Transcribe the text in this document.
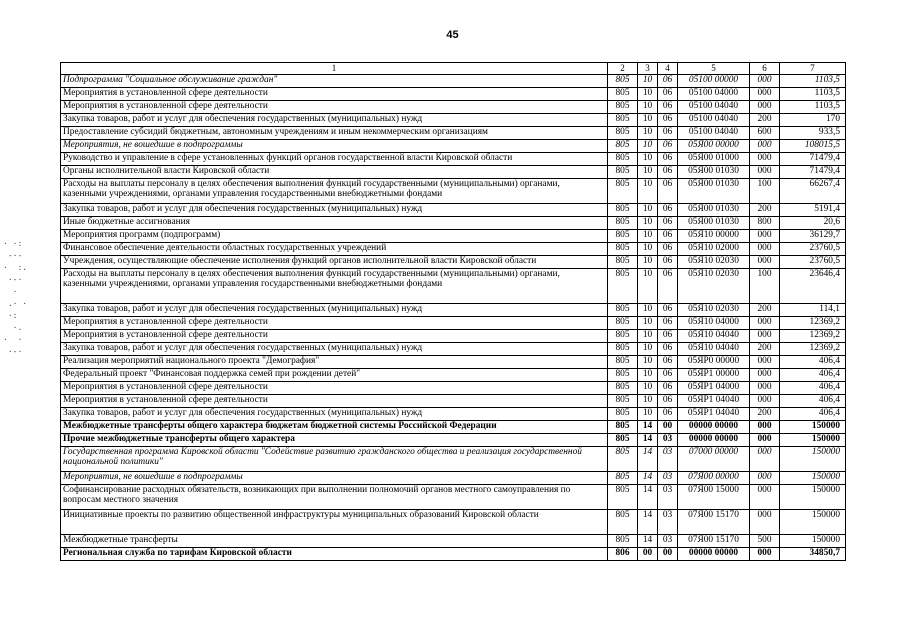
45
1	2	3	4	5	6	7
Подпрограмма "Социальное обслуживание граждан"	805	10	06	05100 00000	000	1103,5
Мероприятия в установленной сфере деятельности	805	10	06	05100 04000	000	1103,5
Мероприятия в установленной сфере деятельности	805	10	06	05100 04040	000	1103,5
Закупка товаров, работ и услуг для обеспечения государственных (муниципальных) нужд	805	10	06	05100 04040	200	170
Предоставление субсидий бюджетным, автономным учреждениям и иным некоммерческим организациям	805	10	06	05100 04040	600	933,5
Мероприятия, не вошедшие в подпрограммы	805	10	06	05Я00 00000	000	108015,5
Руководство и управление в сфере установленных функций органов государственной власти Кировской области	805	10	06	05Я00 01000	000	71479,4
Органы исполнительной власти Кировской области	805	10	06	05Я00 01030	000	71479,4
Расходы на выплаты персоналу в целях обеспечения выполнения функций государственными (муниципальными) органами, казенными учреждениями, органами управления государственными внебюджетными фондами	805	10	06	05Я00 01030	100	66267,4
Закупка товаров, работ и услуг для обеспечения государственных (муниципальных) нужд	805	10	06	05Я00 01030	200	5191,4
Иные бюджетные ассигнования	805	10	06	05Я00 01030	800	20,6
Мероприятия программ (подпрограмм)	805	10	06	05Я10 00000	000	36129,7
Финансовое обеспечение деятельности областных государственных учреждений	805	10	06	05Я10 02000	000	23760,5
Учреждения, осуществляющие обеспечение исполнения функций органов исполнительной власти Кировской области	805	10	06	05Я10 02030	000	23760,5
Расходы на выплаты персоналу в целях обеспечения выполнения функций государственными (муниципальными) органами, казенными учреждениями, органами управления государственными внебюджетными фондами	805	10	06	05Я10 02030	100	23646,4
Закупка товаров, работ и услуг для обеспечения государственных (муниципальных) нужд	805	10	06	05Я10 02030	200	114,1
Мероприятия в установленной сфере деятельности	805	10	06	05Я10 04000	000	12369,2
Мероприятия в установленной сфере деятельности	805	10	06	05Я10 04040	000	12369,2
Закупка товаров, работ и услуг для обеспечения государственных (муниципальных) нужд	805	10	06	05Я10 04040	200	12369,2
Реализация мероприятий национального проекта "Демография"	805	10	06	05ЯР0 00000	000	406,4
Федеральный проект "Финансовая поддержка семей при рождении детей"	805	10	06	05ЯР1 00000	000	406,4
Мероприятия в установленной сфере деятельности	805	10	06	05ЯР1 04000	000	406,4
Мероприятия в установленной сфере деятельности	805	10	06	05ЯР1 04040	000	406,4
Закупка товаров, работ и услуг для обеспечения государственных (муниципальных) нужд	805	10	06	05ЯР1 04040	200	406,4
Межбюджетные трансферты общего характера бюджетам бюджетной системы Российской Федерации	805	14	00	00000 00000	000	150000
Прочие межбюджетные трансферты общего характера	805	14	03	00000 00000	000	150000
Государственная программа Кировской области "Содействие развитию гражданского общества и реализация государственной национальной политики"	805	14	03	07000 00000	000	150000
Мероприятия, не вошедшие в подпрограммы	805	14	03	07Я00 00000	000	150000
Софинансирование расходных обязательств, возникающих при выполнении полномочий органов местного самоуправления по вопросам местного значения	805	14	03	07Я00 15000	000	150000
Инициативные проекты по развитию общественной инфраструктуры муниципальных образований Кировской области	805	14	03	07Я00 15170	000	150000
Межбюджетные трансферты	805	14	03	07Я00 15170	500	150000
Региональная служба по тарифам Кировской области	806	00	00	00000 00000	000	34850,7
· ·:
-·-
·  :.
·-·
·
.· ·
·:
·.
·  ·
·-·
